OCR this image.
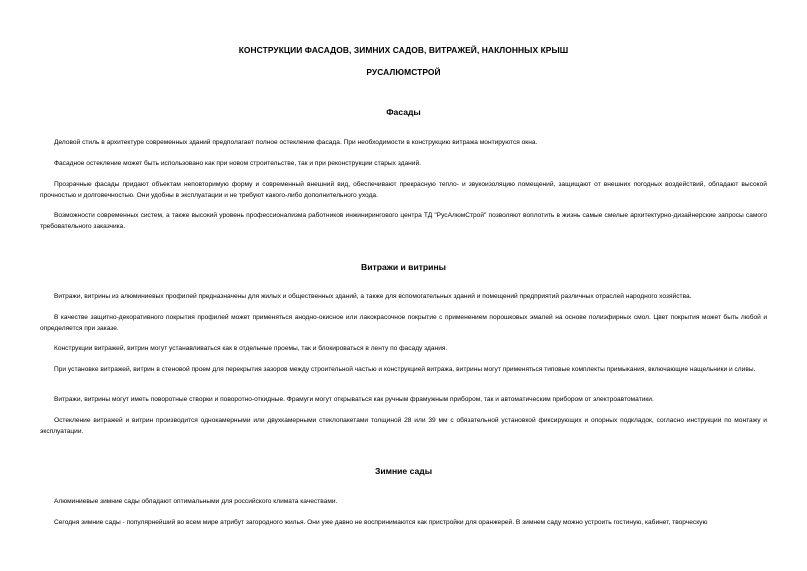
КОНСТРУКЦИИ ФАСАДОВ, ЗИМНИХ САДОВ, ВИТРАЖЕЙ, НАКЛОННЫХ КРЫШ
РУСАЛЮМСТРОЙ
Фасады

Деловой стиль в архитектуре современных зданий предполагает полное остекление фасада. При необходимости в конструкцию витража монтируются окна.

Фасадное остекление может быть использовано как при новом строительстве, так и при реконструкции старых зданий.

Прозрачные фасады придают объектам неповторимую форму и современный внешний вид, обеспечивают прекрасную тепло- и звукоизоляцию помещений, защищают от внешних погодных воздействий, обладают высокой прочностью и долговечностью. Они удобны в эксплуатации и не требуют какого-либо дополнительного ухода.

Возможности современных систем, а также высокий уровень профессионализма работников инжинирингового центра ТД "РусАлюмСтрой" позволяют воплотить в жизнь самые смелые архитектурно-дизайнерские запросы самого требовательного заказчика.

Витражи и витрины

Витражи, витрины из алюминиевых профилей предназначены для жилых и общественных зданий, а также для вспомогательных зданий и помещений предприятий различных отраслей народного хозяйства.

В качестве защитно-декоративного покрытия профилей может применяться анодно-окисное или лакокрасочное покрытие с применением порошковых эмалей на основе полиэфирных смол. Цвет покрытия может быть любой и определяется при заказе.

Конструкции витражей, витрин могут устанавливаться как в отдельные проемы, так и блокироваться в ленту по фасаду здания.

При установке витражей, витрин в стеновой проем для перекрытия зазоров между строительной частью и конструкцией витража, витрины могут применяться типовые комплекты примыкания, включающие нащельники и сливы.

Витражи, витрины могут иметь поворотные створки и поворотно-откидные. Фрамуги могут открываться как ручным фрамужным прибором, так и автоматическим прибором от электроавтоматики.

Остекление витражей и витрин производится однокамерными или двухкамерными стеклопакетами толщиной 28 или 39 мм с обязательной установкой фиксирующих и опорных подкладок, согласно инструкции по монтажу и эксплуатации.

Зимние сады

Алюминиевые зимние сады обладают оптимальными для российского климата качествами.

Сегодня зимние сады - популярнейший во всем мире атрибут загородного жилья. Они уже давно не воспринимаются как пристройки для оранжерей. В зимнем саду можно устроить гостиную, кабинет, творческую
